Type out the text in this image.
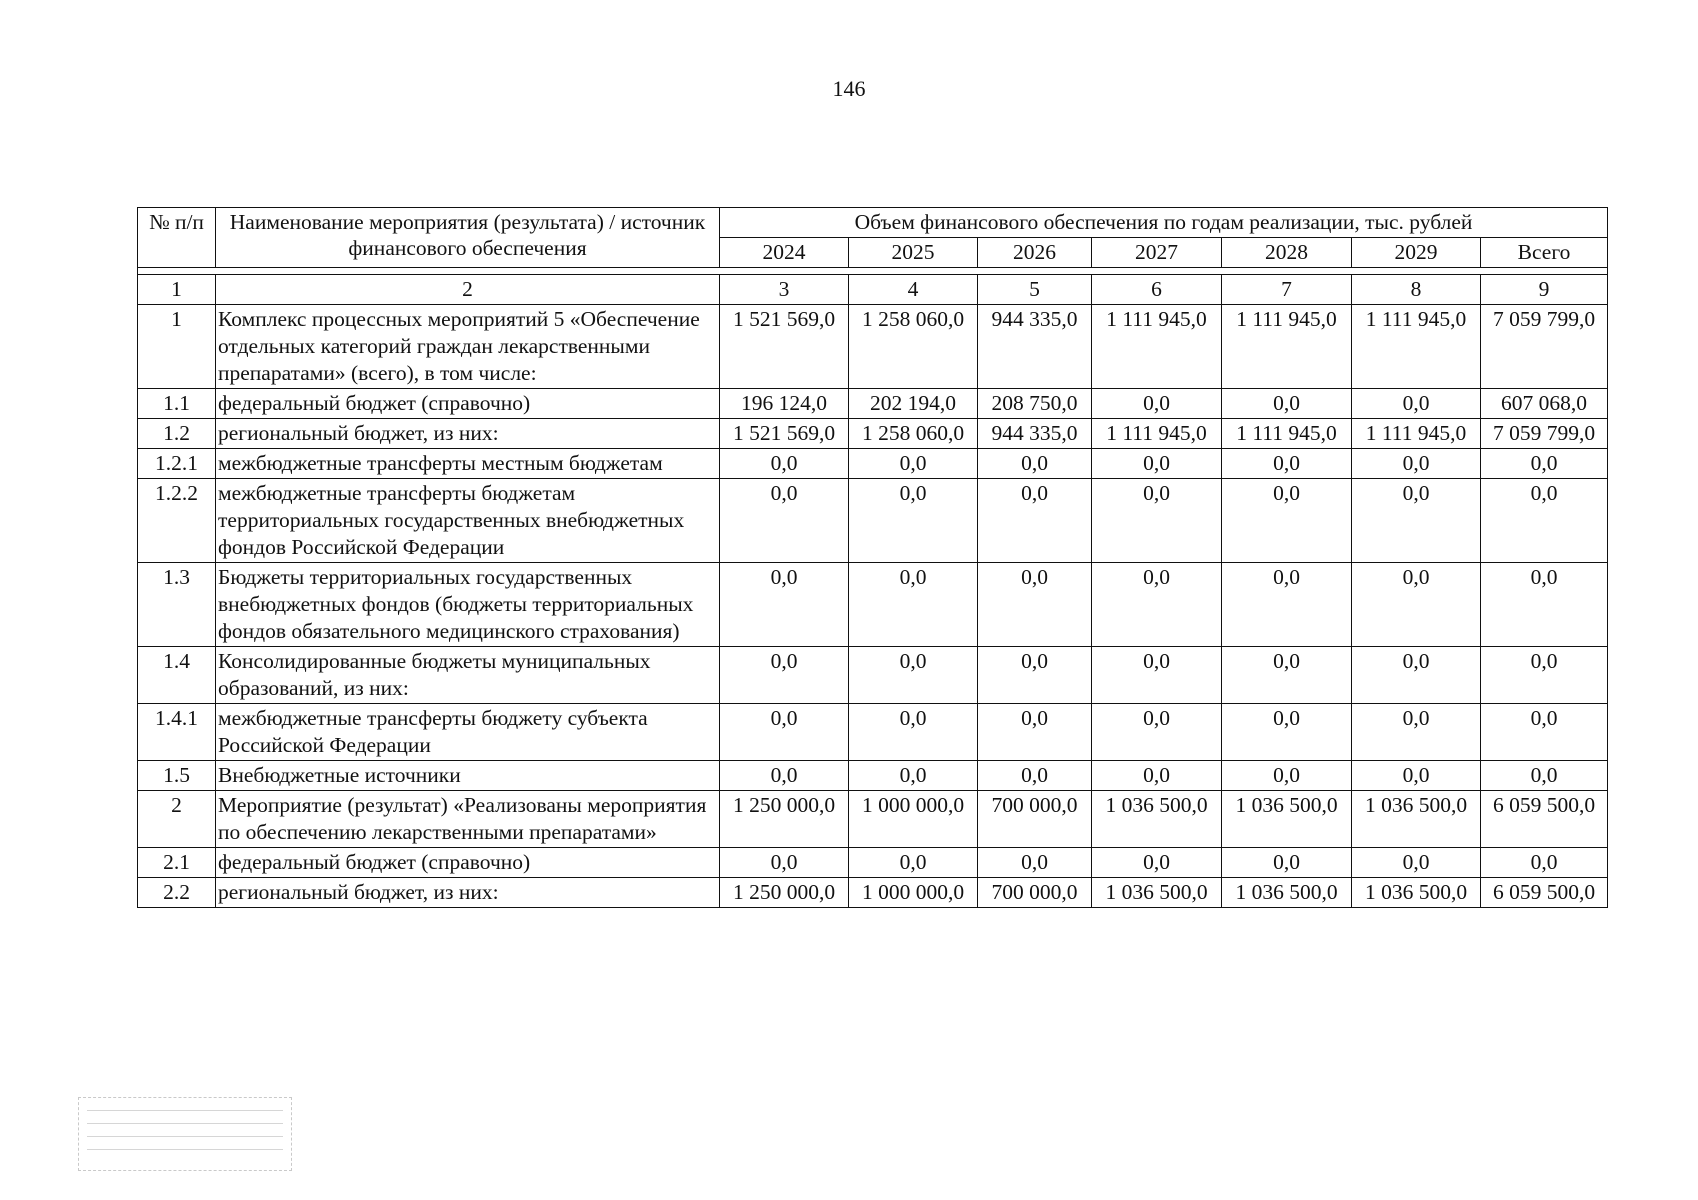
146
№ п/п	Наименование мероприятия (результата) / источник финансового обеспечения	Объем финансового обеспечения по годам реализации, тыс. рублей						
		2024	2025	2026	2027	2028	2029	Всего

1	2	3	4	5	6	7	8	9
1	Комплекс процессных мероприятий 5 «Обеспечение отдельных категорий граждан лекарственными препаратами» (всего), в том числе:	1 521 569,0	1 258 060,0	944 335,0	1 111 945,0	1 111 945,0	1 111 945,0	7 059 799,0
1.1	федеральный бюджет (справочно)	196 124,0	202 194,0	208 750,0	0,0	0,0	0,0	607 068,0
1.2	региональный бюджет, из них:	1 521 569,0	1 258 060,0	944 335,0	1 111 945,0	1 111 945,0	1 111 945,0	7 059 799,0
1.2.1	межбюджетные трансферты местным бюджетам	0,0	0,0	0,0	0,0	0,0	0,0	0,0
1.2.2	межбюджетные трансферты бюджетам территориальных государственных внебюджетных фондов Российской Федерации	0,0	0,0	0,0	0,0	0,0	0,0	0,0
1.3	Бюджеты территориальных государственных внебюджетных фондов (бюджеты территориальных фондов обязательного медицинского страхования)	0,0	0,0	0,0	0,0	0,0	0,0	0,0
1.4	Консолидированные бюджеты муниципальных образований, из них:	0,0	0,0	0,0	0,0	0,0	0,0	0,0
1.4.1	межбюджетные трансферты бюджету субъекта Российской Федерации	0,0	0,0	0,0	0,0	0,0	0,0	0,0
1.5	Внебюджетные источники	0,0	0,0	0,0	0,0	0,0	0,0	0,0
2	Мероприятие (результат) «Реализованы мероприятия по обеспечению лекарственными препаратами»	1 250 000,0	1 000 000,0	700 000,0	1 036 500,0	1 036 500,0	1 036 500,0	6 059 500,0
2.1	федеральный бюджет (справочно)	0,0	0,0	0,0	0,0	0,0	0,0	0,0
2.2	региональный бюджет, из них:	1 250 000,0	1 000 000,0	700 000,0	1 036 500,0	1 036 500,0	1 036 500,0	6 059 500,0
